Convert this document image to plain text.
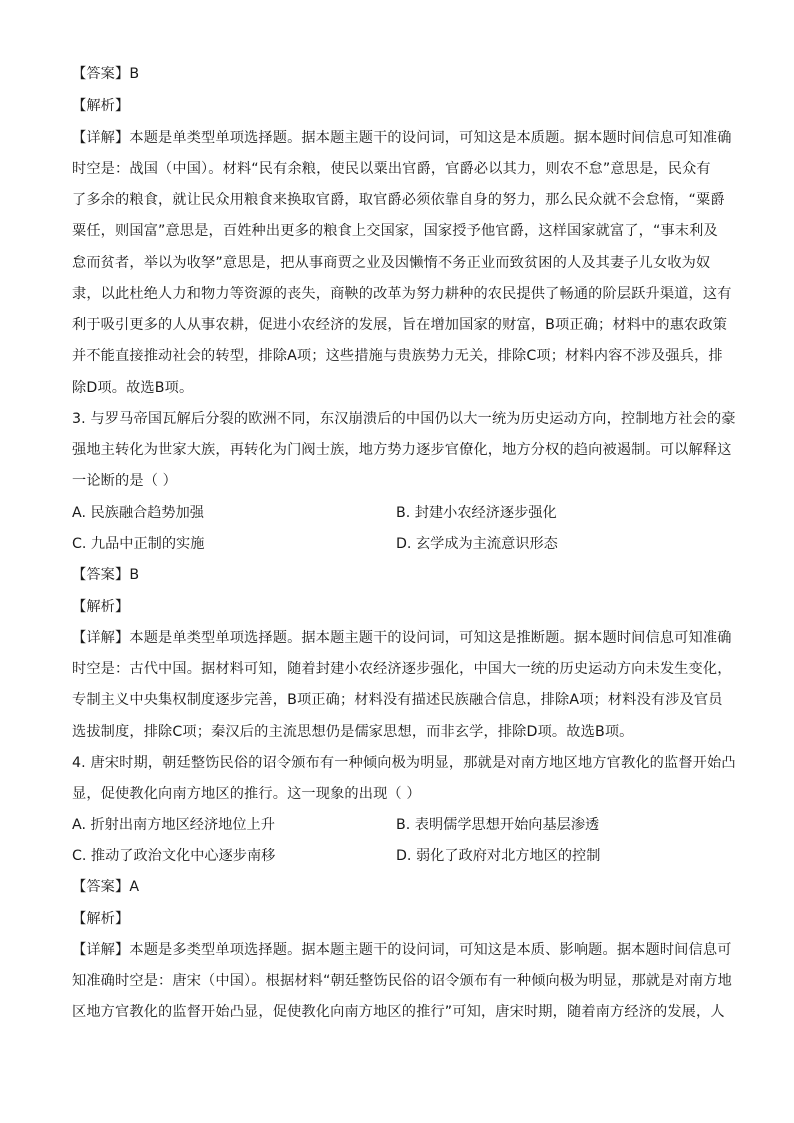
【答案】B
【解析】
【详解】本题是单类型单项选择题。据本题主题干的设问词，可知这是本质题。据本题时间信息可知准确
时空是：战国（中国）。材料“民有余粮，使民以粟出官爵，官爵必以其力，则农不怠”意思是，民众有
了多余的粮食，就让民众用粮食来换取官爵，取官爵必须依靠自身的努力，那么民众就不会怠惰，“粟爵
粟任，则国富”意思是，百姓种出更多的粮食上交国家，国家授予他官爵，这样国家就富了，“事末利及
怠而贫者，举以为收孥”意思是，把从事商贾之业及因懒惰不务正业而致贫困的人及其妻子儿女收为奴
隶，以此杜绝人力和物力等资源的丧失，商鞅的改革为努力耕种的农民提供了畅通的阶层跃升渠道，这有
利于吸引更多的人从事农耕，促进小农经济的发展，旨在增加国家的财富，B项正确；材料中的惠农政策
并不能直接推动社会的转型，排除A项；这些措施与贵族势力无关，排除C项；材料内容不涉及强兵，排
除D项。故选B项。
3. 与罗马帝国瓦解后分裂的欧洲不同，东汉崩溃后的中国仍以大一统为历史运动方向，控制地方社会的豪
强地主转化为世家大族，再转化为门阀士族，地方势力逐步官僚化，地方分权的趋向被遏制。可以解释这
一论断的是（ ）
A. 民族融合趋势加强	B. 封建小农经济逐步强化
C. 九品中正制的实施	D. 玄学成为主流意识形态
【答案】B
【解析】
【详解】本题是单类型单项选择题。据本题主题干的设问词，可知这是推断题。据本题时间信息可知准确
时空是：古代中国。据材料可知，随着封建小农经济逐步强化，中国大一统的历史运动方向未发生变化，
专制主义中央集权制度逐步完善，B项正确；材料没有描述民族融合信息，排除A项；材料没有涉及官员
选拔制度，排除C项；秦汉后的主流思想仍是儒家思想，而非玄学，排除D项。故选B项。
4. 唐宋时期，朝廷整饬民俗的诏令颁布有一种倾向极为明显，那就是对南方地区地方官教化的监督开始凸
显，促使教化向南方地区的推行。这一现象的出现（ ）
A. 折射出南方地区经济地位上升	B. 表明儒学思想开始向基层渗透
C. 推动了政治文化中心逐步南移	D. 弱化了政府对北方地区的控制
【答案】A
【解析】
【详解】本题是多类型单项选择题。据本题主题干的设问词，可知这是本质、影响题。据本题时间信息可
知准确时空是：唐宋（中国）。根据材料“朝廷整饬民俗的诏令颁布有一种倾向极为明显，那就是对南方地
区地方官教化的监督开始凸显，促使教化向南方地区的推行”可知，唐宋时期，随着南方经济的发展，人
